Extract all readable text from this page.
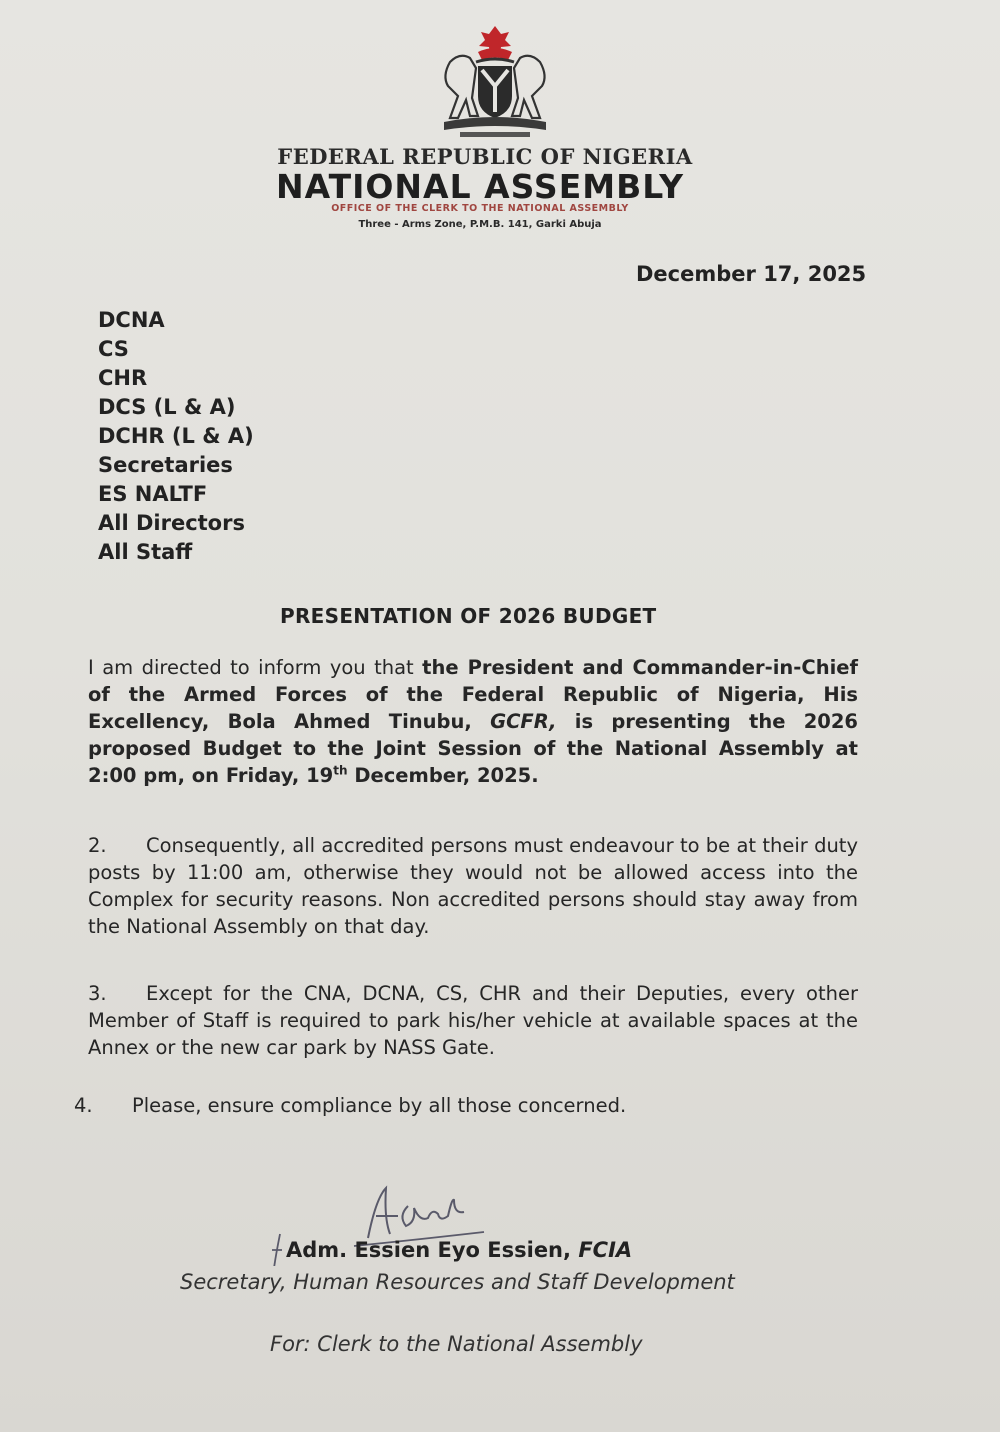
FEDERAL REPUBLIC OF NIGERIA
NATIONAL ASSEMBLY
OFFICE OF THE CLERK TO THE NATIONAL ASSEMBLY
Three - Arms Zone, P.M.B. 141, Garki Abuja
December 17, 2025
DCNA
CS
CHR
DCS (L & A)
DCHR (L & A)
Secretaries
ES NALTF
All Directors
All Staff
PRESENTATION OF 2026 BUDGET
I am directed to inform you that the President and Commander-in-Chief of the Armed Forces of the Federal Republic of Nigeria, His Excellency, Bola Ahmed Tinubu, GCFR, is presenting the 2026 proposed Budget to the Joint Session of the National Assembly at 2:00 pm, on Friday, 19th December, 2025.
2. Consequently, all accredited persons must endeavour to be at their duty posts by 11:00 am, otherwise they would not be allowed access into the Complex for security reasons. Non accredited persons should stay away from the National Assembly on that day.
3. Except for the CNA, DCNA, CS, CHR and their Deputies, every other Member of Staff is required to park his/her vehicle at available spaces at the Annex or the new car park by NASS Gate.
4. Please, ensure compliance by all those concerned.
Adm. Essien Eyo Essien, FCIA
Secretary, Human Resources and Staff Development
For: Clerk to the National Assembly
